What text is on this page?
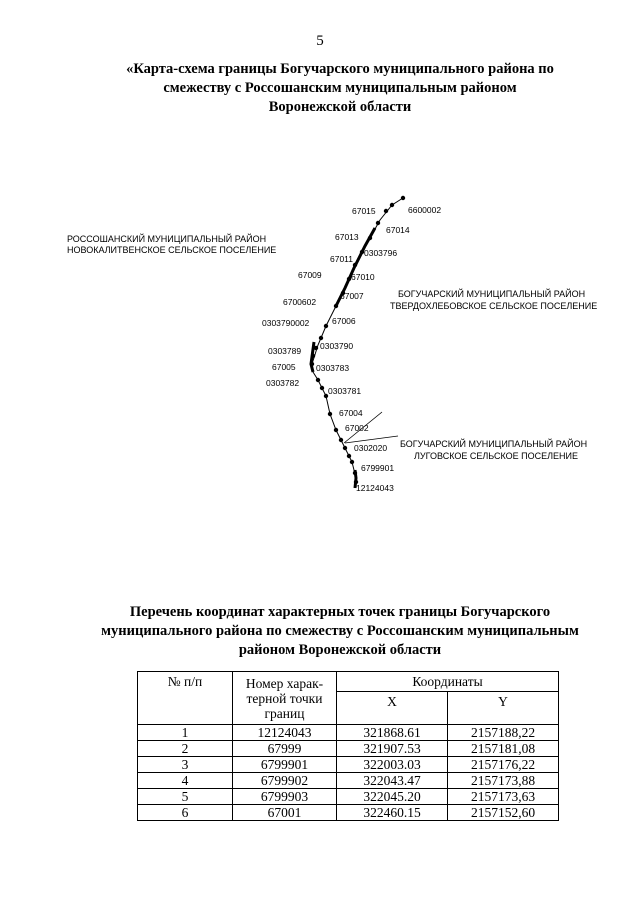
5
«Карта-схема границы Богучарского муниципального района по
смежеству с Россошанским муниципальным районом
Воронежской области
РОССОШАНСКИЙ МУНИЦИПАЛЬНЫЙ РАЙОН
НОВОКАЛИТВЕНСКОЕ СЕЛЬСКОЕ ПОСЕЛЕНИЕ
БОГУЧАРСКИЙ МУНИЦИПАЛЬНЫЙ РАЙОН
ТВЕРДОХЛЕБОВСКОЕ СЕЛЬСКОЕ ПОСЕЛЕНИЕ
БОГУЧАРСКИЙ МУНИЦИПАЛЬНЫЙ РАЙОН
ЛУГОВСКОЕ СЕЛЬСКОЕ ПОСЕЛЕНИЕ
6600002
67015
67014
67013
0303796
67011
67010
67009
67007
6700602
67006
0303790002
0303790
0303789
0303783
67005
0303782
0303781
67004
67002
0302020
6799901
12124043
Перечень координат характерных точек границы Богучарского
муниципального района по смежеству с Россошанским муниципальным
районом Воронежской области
№ п/п	Номер харак-
терной точки
границ	Координаты	
		X	Y
1	12124043	321868.61	2157188,22
2	67999	321907.53	2157181,08
3	6799901	322003.03	2157176,22
4	6799902	322043.47	2157173,88
5	6799903	322045.20	2157173,63
6	67001	322460.15	2157152,60
